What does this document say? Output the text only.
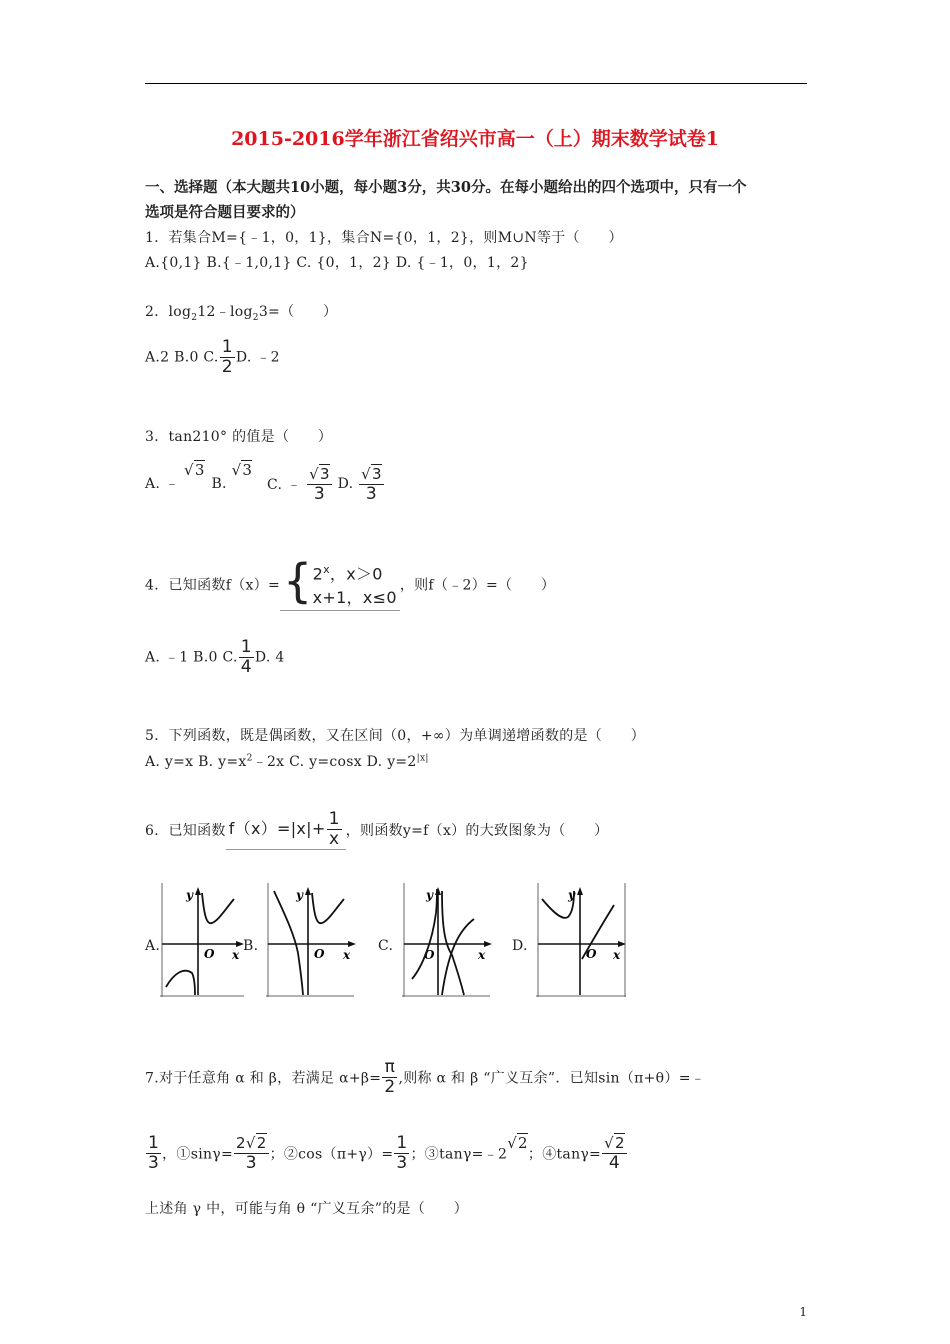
2015-2016学年浙江省绍兴市高一（上）期末数学试卷1
一、选择题（本大题共10小题，每小题3分，共30分。在每小题给出的四个选项中，只有一个
选项是符合题目要求的）
1．若集合M={﹣1，0，1}，集合N={0，1，2}，则M∪N等于（　　）
A.{0,1} B.{﹣1,0,1} C. {0，1，2} D. {﹣1，0，1，2}
2．$\log_212﹣\log_23=$（　　）
A.2 B.0 C. $\frac{1}{2} D$. ﹣2
3．tan210° 的值是（　　）
A. ﹣ √3 B. √3 C. ﹣ $\frac{√3}{3} D$. $\frac{√3}{3}$
4．已知函数$f(x)=\{2^x$，x＞0
x+1，x≤0，则f（﹣2）=（　　）
A. ﹣1 B.0 C. $\frac{1}{4} D$. 4
5．下列函数，既是偶函数，又在区间（0，+∞）为单调递增函数的是（　　）
A. y=x B. $y=x^2﹣2x$ C. y=cosx D. $y=2^{|x|}$
6．已知函数 $f(x)=|x|+ \frac{1}{x}$ ，则函数y=f（x）的大致图象为（　　）
A.
y
O x
B.
y
O x
C.
y
O	x
D.
y
O x
7.对于任意角 α 和 β，若满足 $\alpha+\beta= \frac{\pi}{2}$ ,则称 α 和 β “广义互余”．已知sin（π+θ）=﹣
$\frac{1}{3}$ ，①sinγ= $\frac{2√2}{3}$ ；②cos（π+γ）= $\frac{1}{3}$ ；③tanγ=﹣2√2；④tanγ= $\frac{√2}{4}$
上述角 γ 中，可能与角 θ “广义互余”的是（　　）
1
